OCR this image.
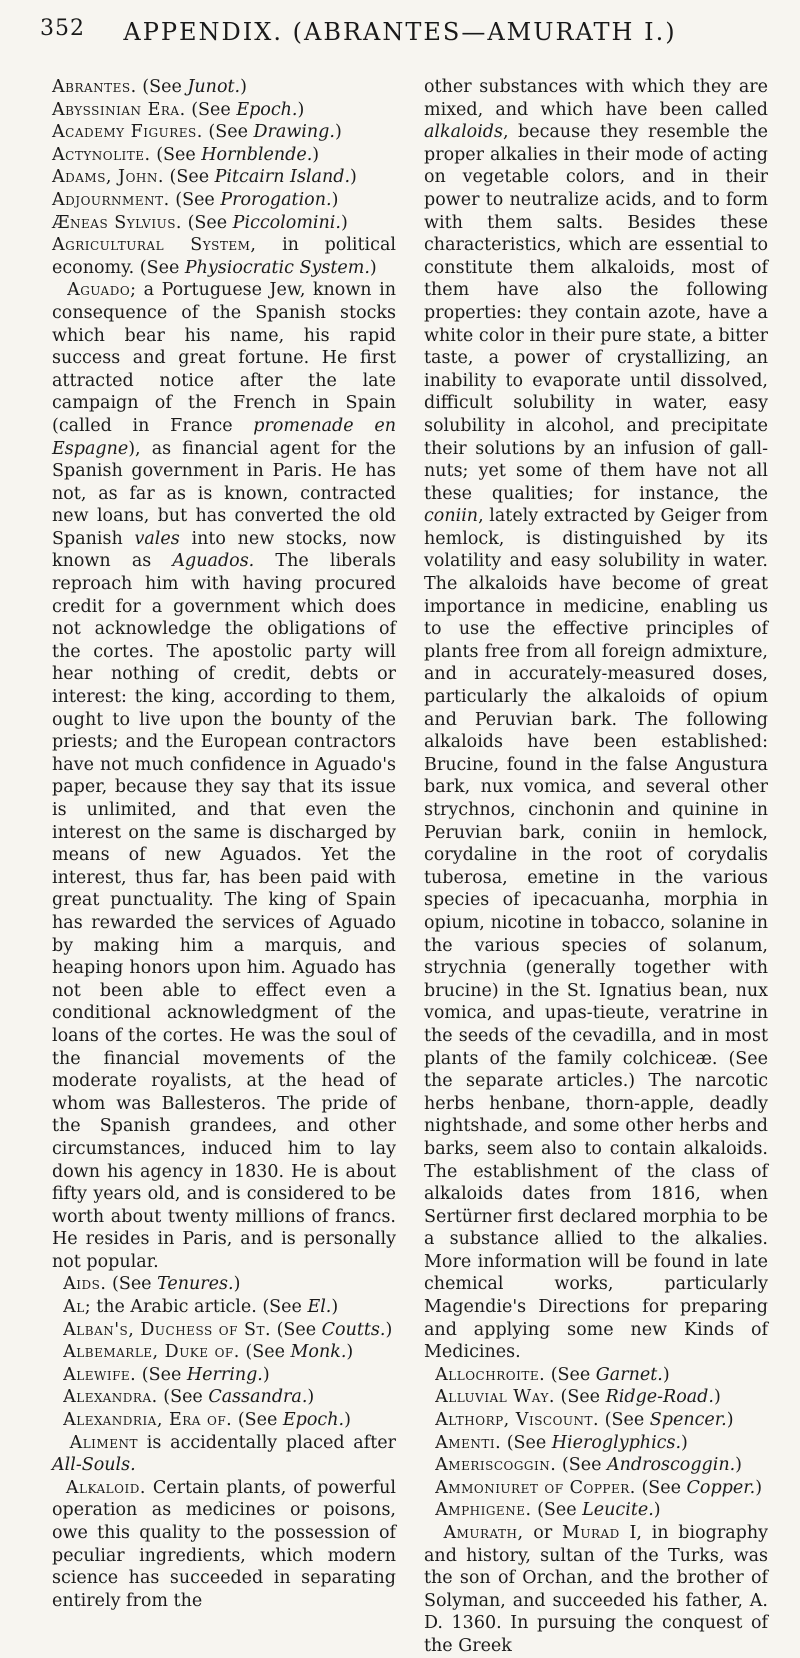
352	APPENDIX. (ABRANTES—AMURATH I.)

Abrantes. (See Junot.)

Abyssinian Era. (See Epoch.)

Academy Figures. (See Drawing.)

Actynolite. (See Hornblende.)

Adams, John. (See Pitcairn Island.)

Adjournment. (See Prorogation.)

Æneas Sylvius. (See Piccolomini.)

Agricultural System, in political economy. (See Physiocratic System.)

Aguado; a Portuguese Jew, known in consequence of the Spanish stocks which bear his name, his rapid success and great fortune. He first attracted notice after the late campaign of the French in Spain (called in France promenade en Espagne), as financial agent for the Spanish government in Paris. He has not, as far as is known, contracted new loans, but has converted the old Spanish vales into new stocks, now known as Aguados. The liberals reproach him with having procured credit for a government which does not acknowledge the obligations of the cortes. The apostolic party will hear nothing of credit, debts or interest: the king, according to them, ought to live upon the bounty of the priests; and the European contractors have not much confidence in Aguado's paper, because they say that its issue is unlimited, and that even the interest on the same is discharged by means of new Aguados. Yet the interest, thus far, has been paid with great punctuality. The king of Spain has rewarded the services of Aguado by making him a marquis, and heaping honors upon him. Aguado has not been able to effect even a conditional acknowledgment of the loans of the cortes. He was the soul of the financial movements of the moderate royalists, at the head of whom was Ballesteros. The pride of the Spanish grandees, and other circumstances, induced him to lay down his agency in 1830. He is about fifty years old, and is considered to be worth about twenty millions of francs. He resides in Paris, and is personally not popular.

Aids. (See Tenures.)

Al; the Arabic article. (See El.)

Alban's, Duchess of St. (See Coutts.)

Albemarle, Duke of. (See Monk.)

Alewife. (See Herring.)

Alexandra. (See Cassandra.)

Alexandria, Era of. (See Epoch.)

Aliment is accidentally placed after All-Souls.

Alkaloid. Certain plants, of powerful operation as medicines or poisons, owe this quality to the possession of peculiar ingredients, which modern science has succeeded in separating entirely from the

other substances with which they are mixed, and which have been called alkaloids, because they resemble the proper alkalies in their mode of acting on vegetable colors, and in their power to neutralize acids, and to form with them salts. Besides these characteristics, which are essential to constitute them alkaloids, most of them have also the following properties: they contain azote, have a white color in their pure state, a bitter taste, a power of crystallizing, an inability to evaporate until dissolved, difficult solubility in water, easy solubility in alcohol, and precipitate their solutions by an infusion of gall-nuts; yet some of them have not all these qualities; for instance, the coniin, lately extracted by Geiger from hemlock, is distinguished by its volatility and easy solubility in water. The alkaloids have become of great importance in medicine, enabling us to use the effective principles of plants free from all foreign admixture, and in accurately-measured doses, particularly the alkaloids of opium and Peruvian bark. The following alkaloids have been established: Brucine, found in the false Angustura bark, nux vomica, and several other strychnos, cinchonin and quinine in Peruvian bark, coniin in hemlock, corydaline in the root of corydalis tuberosa, emetine in the various species of ipecacuanha, morphia in opium, nicotine in tobacco, solanine in the various species of solanum, strychnia (generally together with brucine) in the St. Ignatius bean, nux vomica, and upas-tieute, veratrine in the seeds of the cevadilla, and in most plants of the family colchiceæ. (See the separate articles.) The narcotic herbs henbane, thorn-apple, deadly nightshade, and some other herbs and barks, seem also to contain alkaloids. The establishment of the class of alkaloids dates from 1816, when Sertürner first declared morphia to be a substance allied to the alkalies. More information will be found in late chemical works, particularly Magendie's Directions for preparing and applying some new Kinds of Medicines.

Allochroite. (See Garnet.)

Alluvial Way. (See Ridge-Road.)

Althorp, Viscount. (See Spencer.)

Amenti. (See Hieroglyphics.)

Ameriscoggin. (See Androscoggin.)

Ammoniuret of Copper. (See Copper.)

Amphigene. (See Leucite.)

Amurath, or Murad I, in biography and history, sultan of the Turks, was the son of Orchan, and the brother of Solyman, and succeeded his father, A. D. 1360. In pursuing the conquest of the Greek
